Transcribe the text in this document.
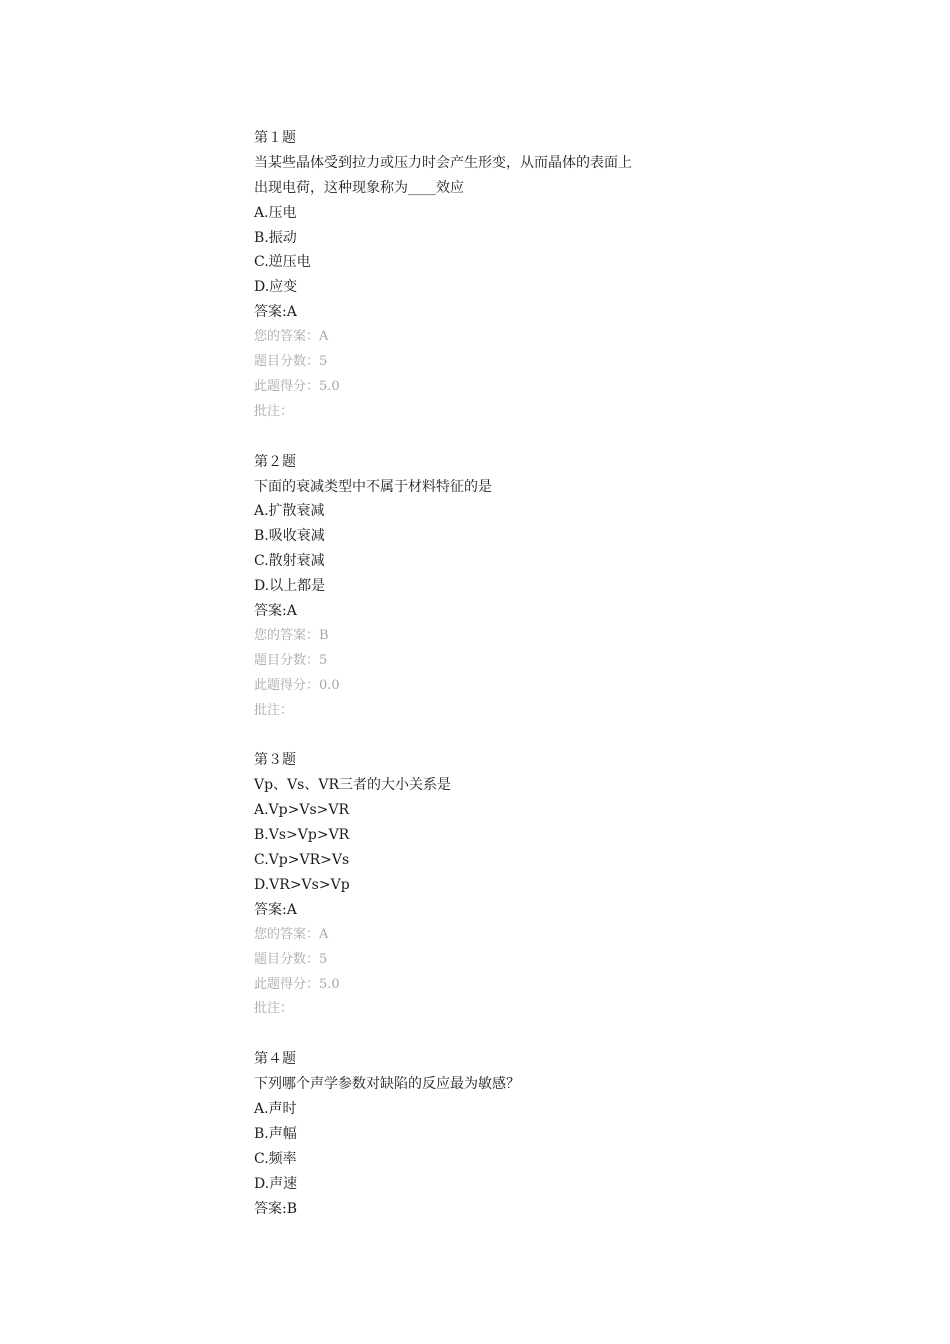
第１题
当某些晶体受到拉力或压力时会产生形变，从而晶体的表面上
出现电荷，这种现象称为____效应
A.压电
B.振动
C.逆压电
D.应变
答案:A
您的答案：A
题目分数：5
此题得分：5.0
批注：
第２题
下面的衰减类型中不属于材料特征的是
A.扩散衰减
B.吸收衰减
C.散射衰减
D.以上都是
答案:A
您的答案：B
题目分数：5
此题得分：0.0
批注：
第３题
Vp、Vs、VR三者的大小关系是
A.Vp>Vs>VR
B.Vs>Vp>VR
C.Vp>VR>Vs
D.VR>Vs>Vp
答案:A
您的答案：A
题目分数：5
此题得分：5.0
批注：
第４题
下列哪个声学参数对缺陷的反应最为敏感？
A.声时
B.声幅
C.频率
D.声速
答案:B
